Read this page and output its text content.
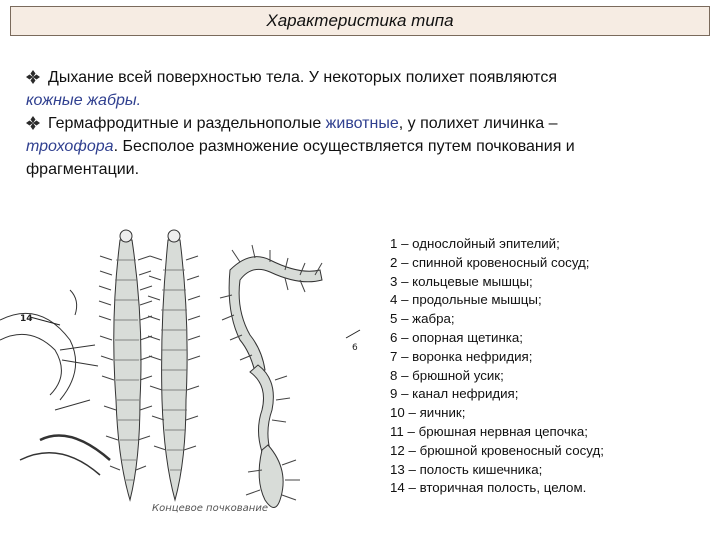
Характеристика типа

Дыхание всей поверхностью тела. У некоторых полихет появляются
кожные жабры.

Гермафродитные и раздельнополые животные, у полихет личинка –
трохофора. Бесполое размножение осуществляется путем почкования и фрагментации.

14
6
Концевое почкование
1 – однослойный эпителий;
2 – спинной кровеносный сосуд;
3 – кольцевые мышцы;
4 – продольные мышцы;
5 – жабра;
6 – опорная щетинка;
7 – воронка нефридия;
8 – брюшной усик;
9 – канал нефридия;
10 – яичник;
11 – брюшная нервная цепочка;
12 – брюшной кровеносный сосуд;
13 – полость кишечника;
14 – вторичная полость, целом.
